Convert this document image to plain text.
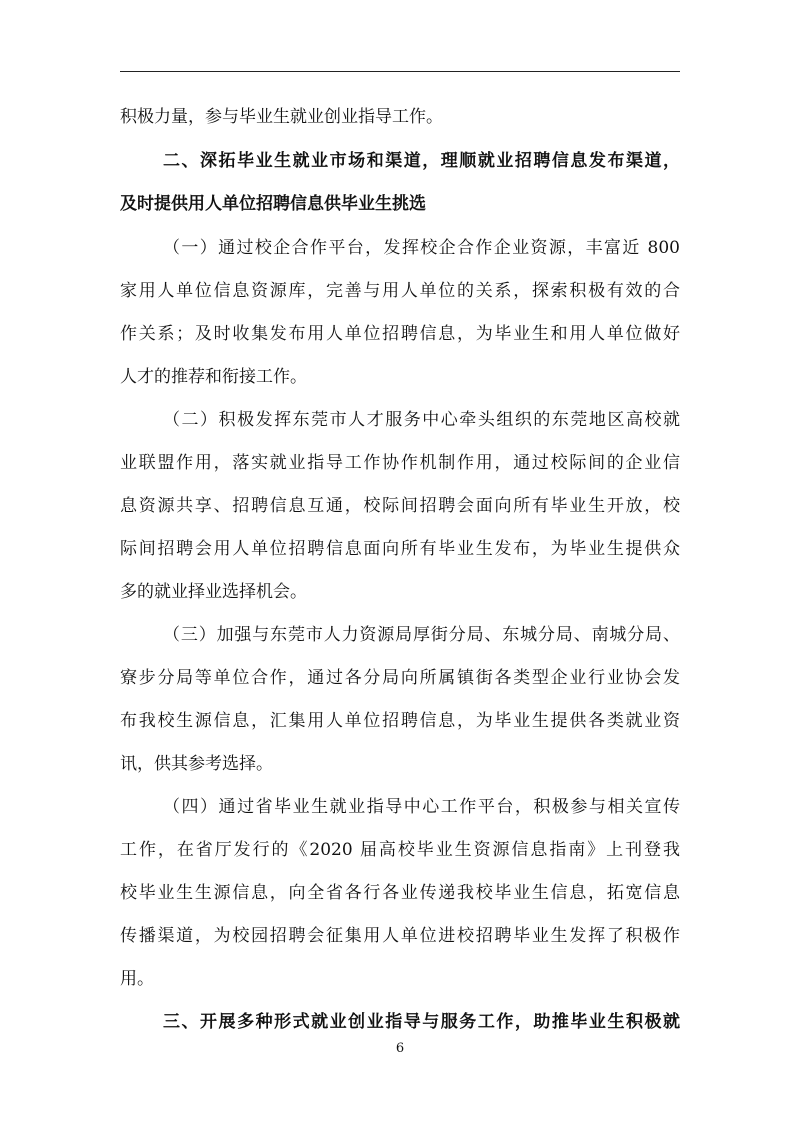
积极力量，参与毕业生就业创业指导工作。
二、深拓毕业生就业市场和渠道，理顺就业招聘信息发布渠道，
及时提供用人单位招聘信息供毕业生挑选
（一）通过校企合作平台，发挥校企合作企业资源，丰富近 800
家用人单位信息资源库，完善与用人单位的关系，探索积极有效的合
作关系；及时收集发布用人单位招聘信息，为毕业生和用人单位做好
人才的推荐和衔接工作。
（二）积极发挥东莞市人才服务中心牵头组织的东莞地区高校就
业联盟作用，落实就业指导工作协作机制作用，通过校际间的企业信
息资源共享、招聘信息互通，校际间招聘会面向所有毕业生开放，校
际间招聘会用人单位招聘信息面向所有毕业生发布，为毕业生提供众
多的就业择业选择机会。
（三）加强与东莞市人力资源局厚街分局、东城分局、南城分局、
寮步分局等单位合作，通过各分局向所属镇街各类型企业行业协会发
布我校生源信息，汇集用人单位招聘信息，为毕业生提供各类就业资
讯，供其参考选择。
（四）通过省毕业生就业指导中心工作平台，积极参与相关宣传
工作，在省厅发行的《2020 届高校毕业生资源信息指南》上刊登我
校毕业生生源信息，向全省各行各业传递我校毕业生信息，拓宽信息
传播渠道，为校园招聘会征集用人单位进校招聘毕业生发挥了积极作
用。
三、开展多种形式就业创业指导与服务工作，助推毕业生积极就
6
